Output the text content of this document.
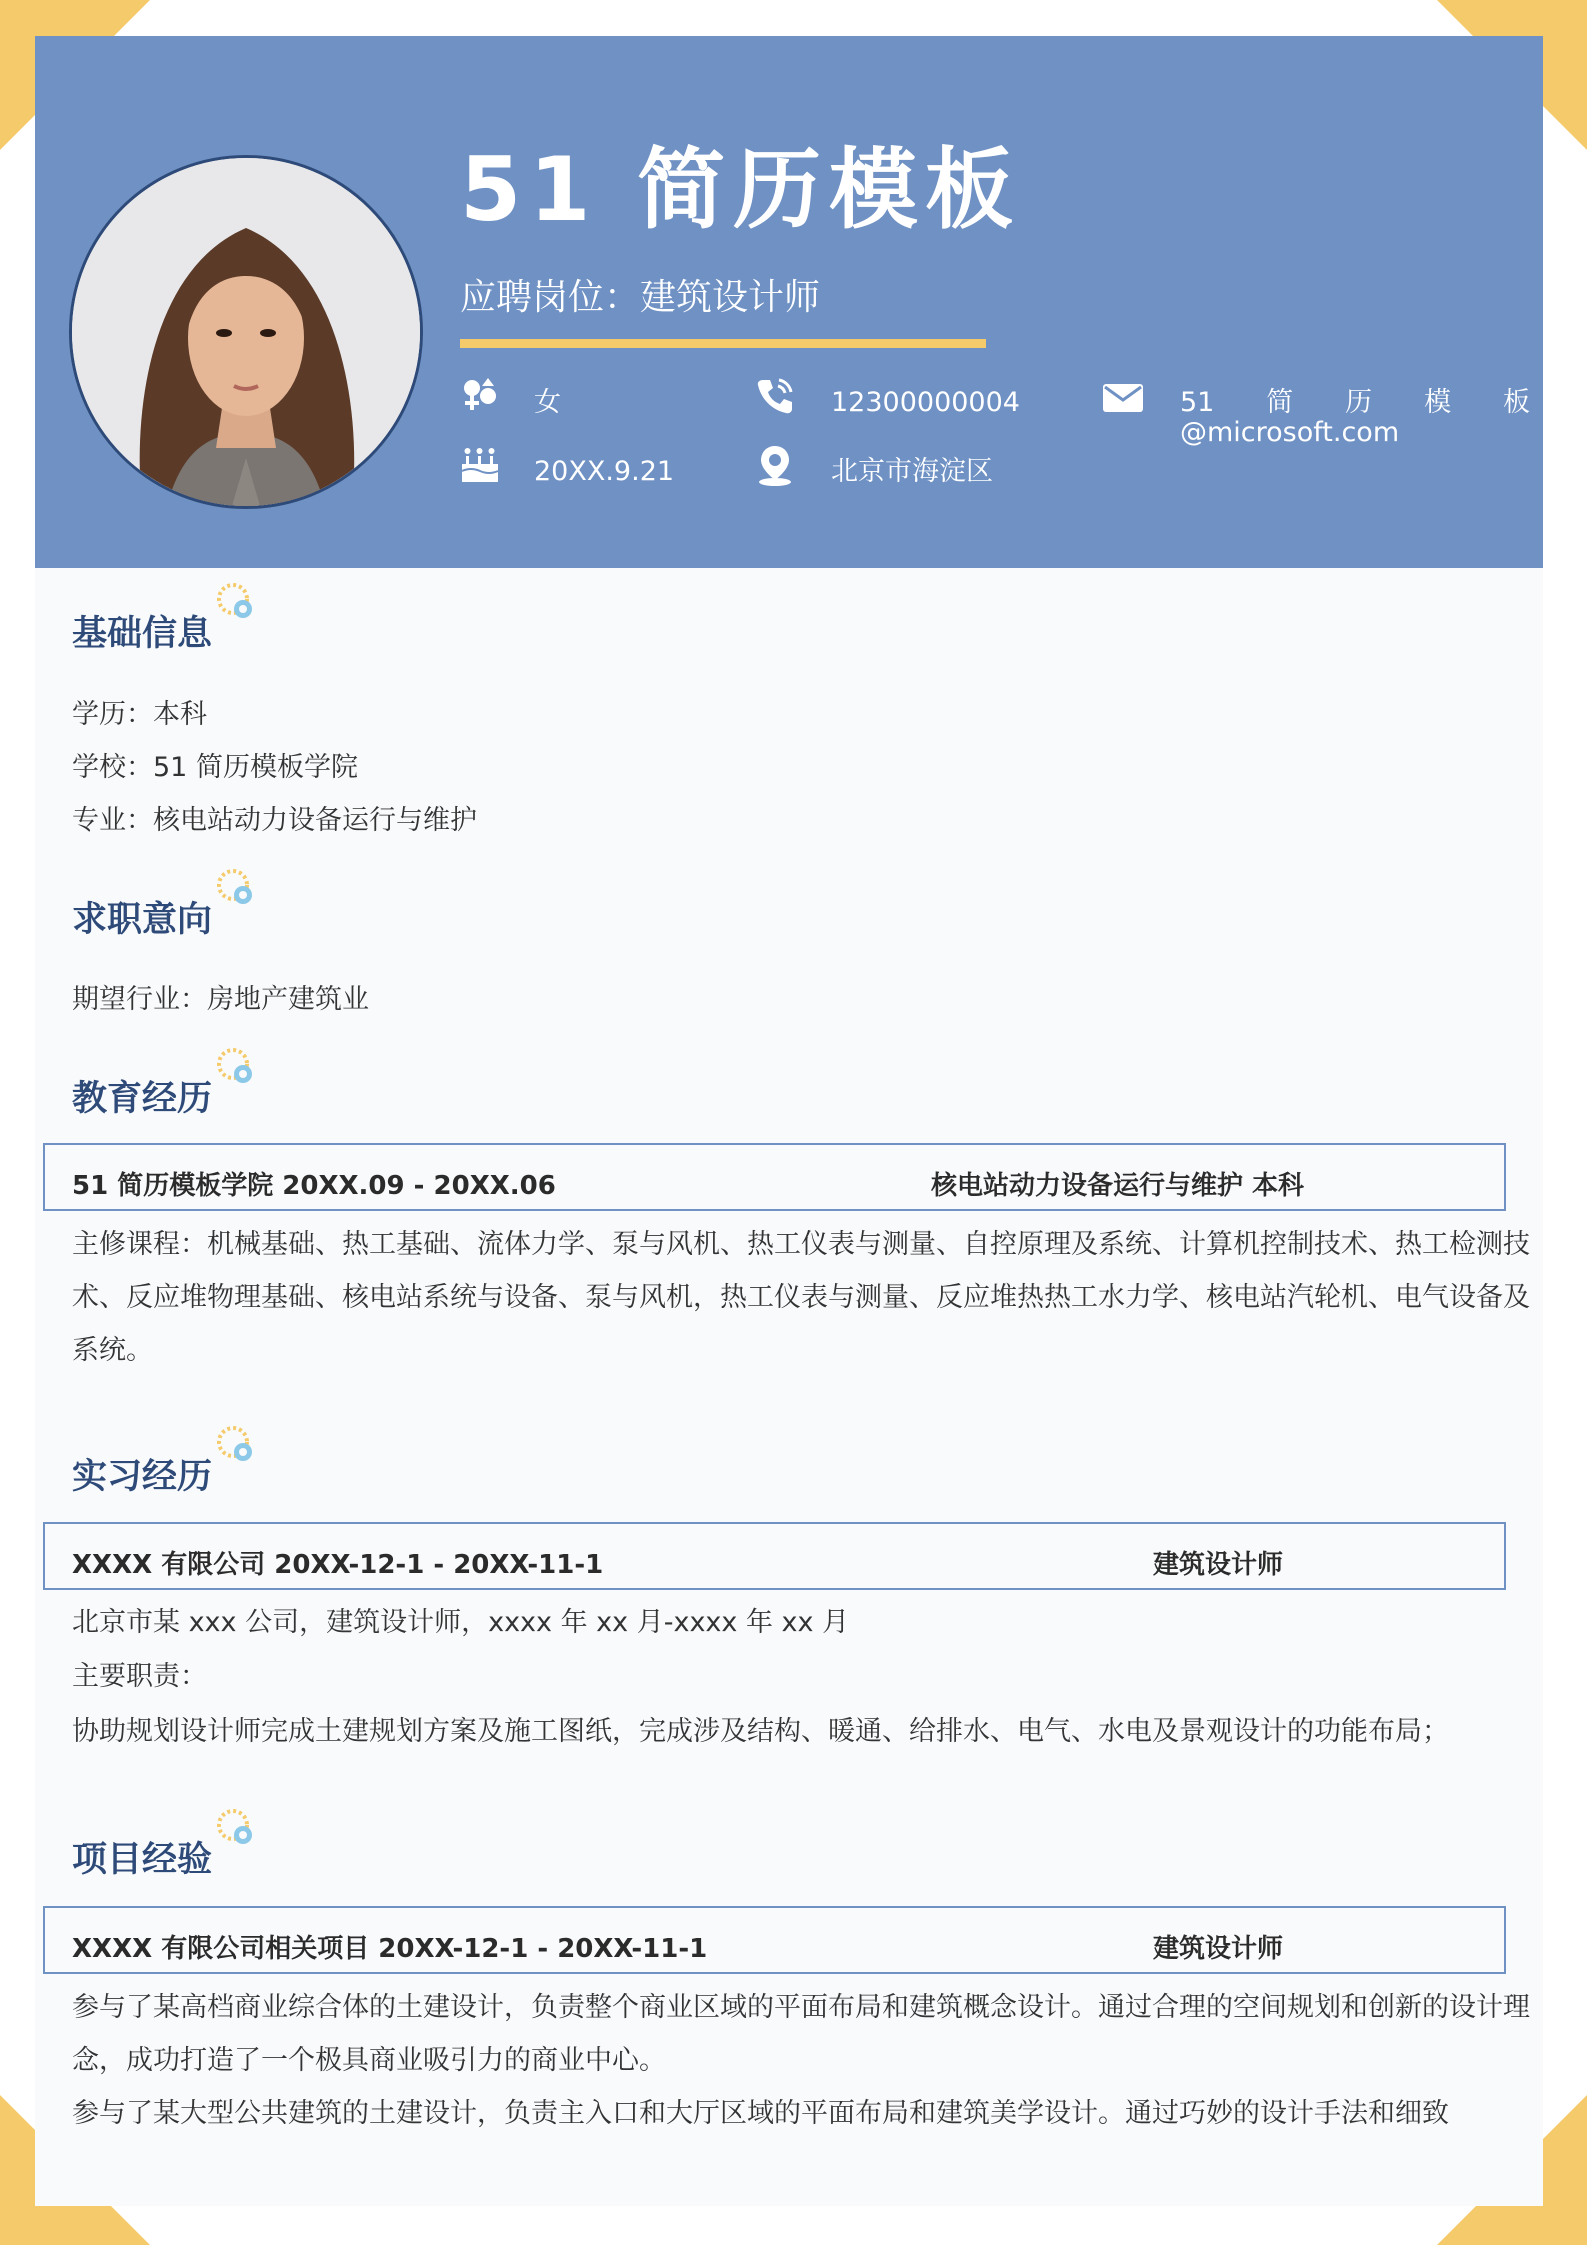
51 简历模板
应聘岗位：建筑设计师
女	12300000004	51 简 历 模 板
@microsoft.com
20XX.9.21	北京市海淀区
基础信息
学历：本科
学校：51 简历模板学院
专业：核电站动力设备运行与维护
求职意向
期望行业：房地产建筑业
教育经历
51 简历模板学院 20XX.09 - 20XX.06	核电站动力设备运行与维护 本科
主修课程：机械基础、热工基础、流体力学、泵与风机、热工仪表与测量、自控原理及系统、计算机控制技术、热工检测技术、反应堆物理基础、核电站系统与设备、泵与风机，热工仪表与测量、反应堆热热工水力学、核电站汽轮机、电气设备及系统。
实习经历
XXXX 有限公司 20XX-12-1 - 20XX-11-1	建筑设计师
北京市某 xxx 公司，建筑设计师，xxxx 年 xx 月-xxxx 年 xx 月
主要职责：
协助规划设计师完成土建规划方案及施工图纸，完成涉及结构、暖通、给排水、电气、水电及景观设计的功能布局；
项目经验
XXXX 有限公司相关项目 20XX-12-1 - 20XX-11-1	建筑设计师
参与了某高档商业综合体的土建设计，负责整个商业区域的平面布局和建筑概念设计。通过合理的空间规划和创新的设计理念，成功打造了一个极具商业吸引力的商业中心。
参与了某大型公共建筑的土建设计，负责主入口和大厅区域的平面布局和建筑美学设计。通过巧妙的设计手法和细致
